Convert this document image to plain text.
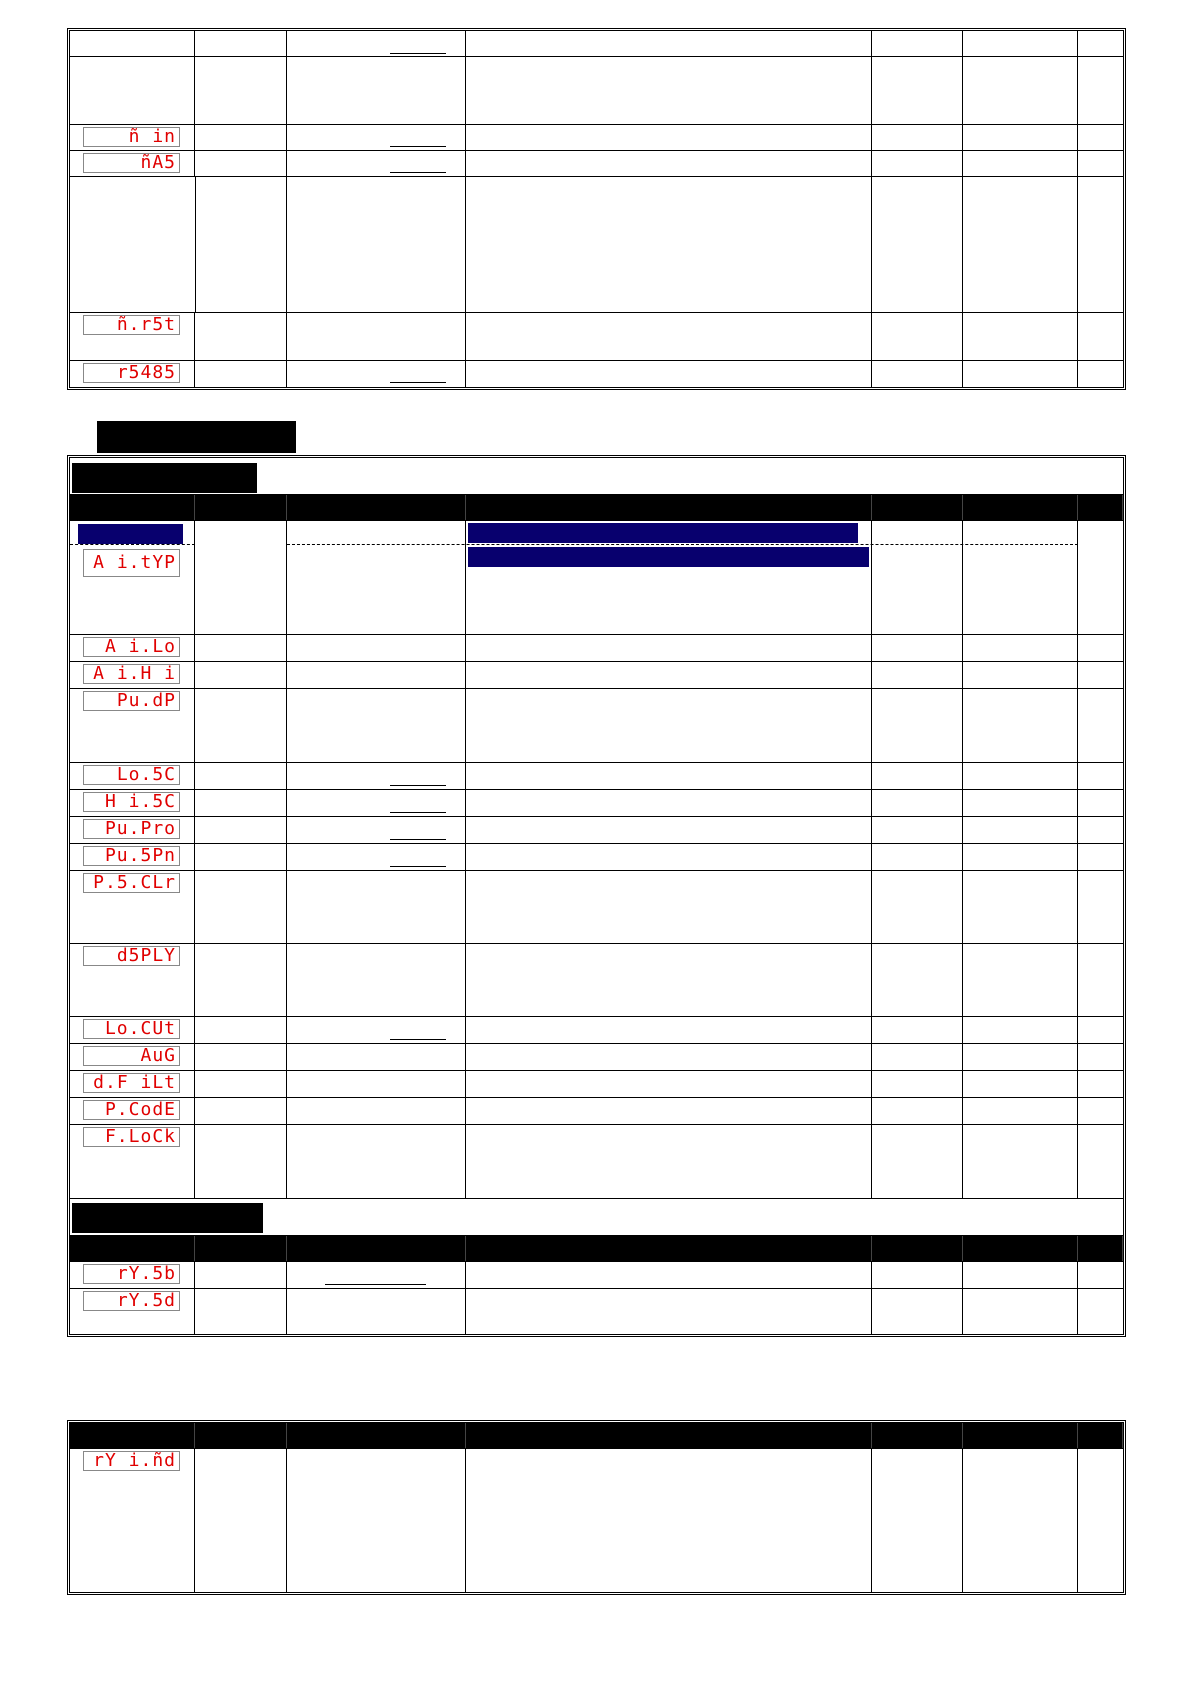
ñ in
ñA5
ñ.r5t
r5485
A i.tYP
A i.Lo
A i.H i
Pu.dP
Lo.5C
H i.5C
Pu.Pro
Pu.5Pn
P.5.CLr
d5PLY
Lo.CUt
AuG
d.F iLt
P.CodE
F.LoCk
rY.5b
rY.5d
rY i.ñd
